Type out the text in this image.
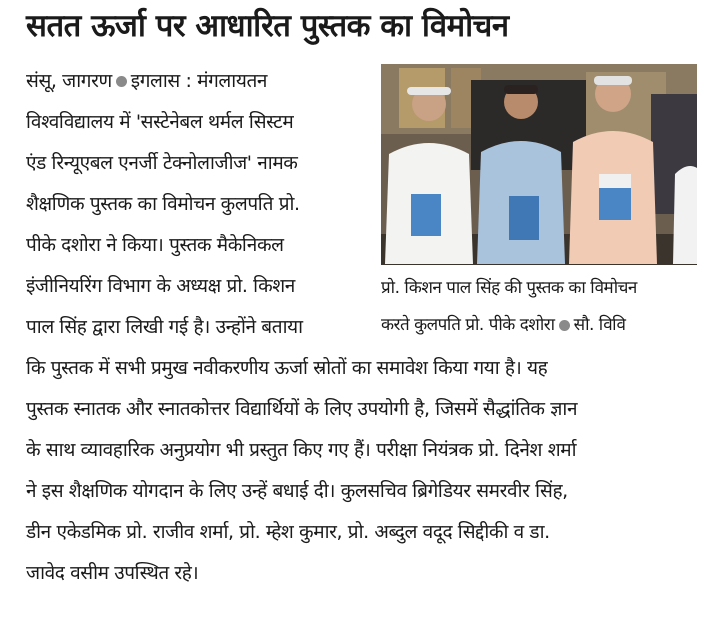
सतत ऊर्जा पर आधारित पुस्तक का विमोचन
संसू, जागरण इगलास : मंगलायतन
विश्वविद्यालय में 'सस्टेनेबल थर्मल सिस्टम
एंड रिन्यूएबल एनर्जी टेक्नोलाजीज' नामक
शैक्षणिक पुस्तक का विमोचन कुलपति प्रो.
पीके दशोरा ने किया। पुस्तक मैकेनिकल
इंजीनियरिंग विभाग के अध्यक्ष प्रो. किशन
पाल सिंह द्वारा लिखी गई है। उन्होंने बताया
कि पुस्तक में सभी प्रमुख नवीकरणीय ऊर्जा स्रोतों का समावेश किया गया है। यह
पुस्तक स्नातक और स्नातकोत्तर विद्यार्थियों के लिए उपयोगी है, जिसमें सैद्धांतिक ज्ञान
के साथ व्यावहारिक अनुप्रयोग भी प्रस्तुत किए गए हैं। परीक्षा नियंत्रक प्रो. दिनेश शर्मा
ने इस शैक्षणिक योगदान के लिए उन्हें बधाई दी। कुलसचिव ब्रिगेडियर समरवीर सिंह,
डीन एकेडमिक प्रो. राजीव शर्मा, प्रो. म्हेश कुमार, प्रो. अब्दुल वदूद सिद्दीकी व डा.
जावेद वसीम उपस्थित रहे।
प्रो. किशन पाल सिंह की पुस्तक का विमोचन
करते कुलपति प्रो. पीके दशोरा सौ. विवि
